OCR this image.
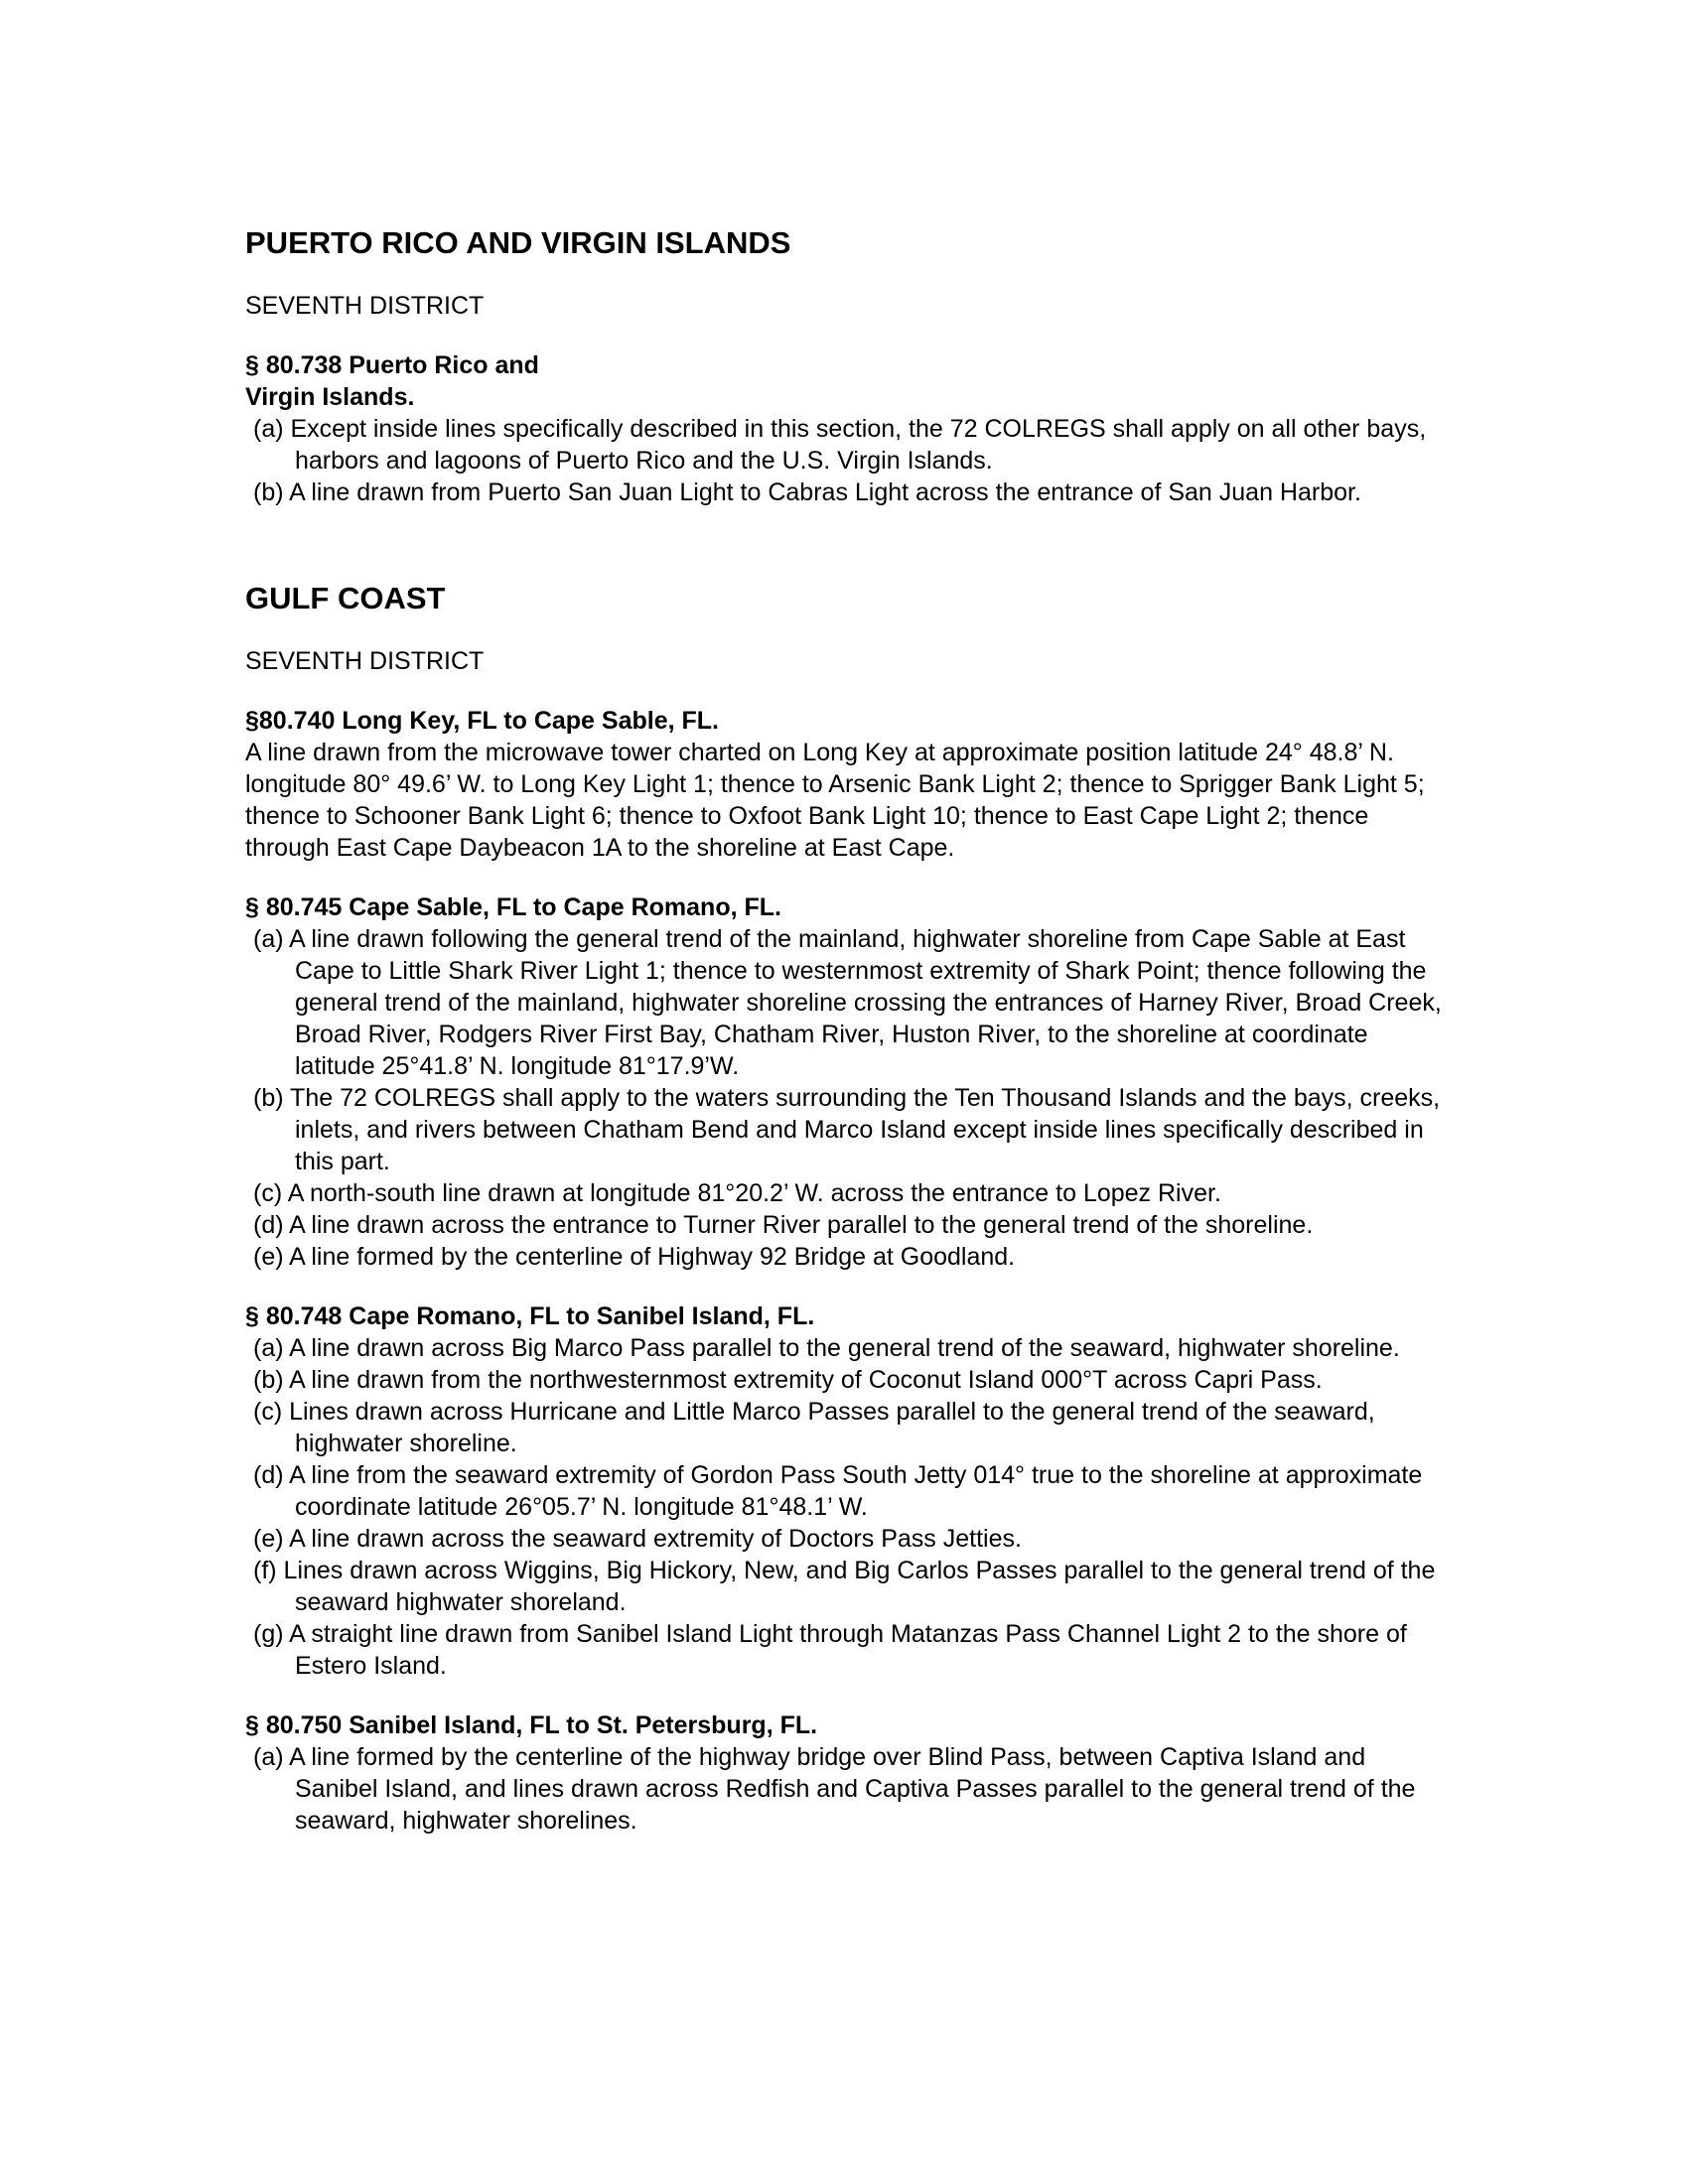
PUERTO RICO AND VIRGIN ISLANDS

SEVENTH DISTRICT

§ 80.738 Puerto Rico and

Virgin Islands.

(a) Except inside lines specifically described in this section, the 72 COLREGS shall apply on all other bays, harbors and lagoons of Puerto Rico and the U.S. Virgin Islands.

(b) A line drawn from Puerto San Juan Light to Cabras Light across the entrance of San Juan Harbor.

GULF COAST

SEVENTH DISTRICT

§80.740 Long Key, FL to Cape Sable, FL.

A line drawn from the microwave tower charted on Long Key at approximate position latitude 24° 48.8’ N. longitude 80° 49.6’ W. to Long Key Light 1; thence to Arsenic Bank Light 2; thence to Sprigger Bank Light 5; thence to Schooner Bank Light 6; thence to Oxfoot Bank Light 10; thence to East Cape Light 2; thence through East Cape Daybeacon 1A to the shoreline at East Cape.

§ 80.745 Cape Sable, FL to Cape Romano, FL.

(a) A line drawn following the general trend of the mainland, highwater shoreline from Cape Sable at East Cape to Little Shark River Light 1; thence to westernmost extremity of Shark Point; thence following the general trend of the mainland, highwater shoreline crossing the entrances of Harney River, Broad Creek, Broad River, Rodgers River First Bay, Chatham River, Huston River, to the shoreline at coordinate latitude 25°41.8’ N. longitude 81°17.9’W.

(b) The 72 COLREGS shall apply to the waters surrounding the Ten Thousand Islands and the bays, creeks, inlets, and rivers between Chatham Bend and Marco Island except inside lines specifically described in this part.

(c) A north-south line drawn at longitude 81°20.2’ W. across the entrance to Lopez River.

(d) A line drawn across the entrance to Turner River parallel to the general trend of the shoreline.

(e) A line formed by the centerline of Highway 92 Bridge at Goodland.

§ 80.748 Cape Romano, FL to Sanibel Island, FL.

(a) A line drawn across Big Marco Pass parallel to the general trend of the seaward, highwater shoreline.

(b) A line drawn from the northwesternmost extremity of Coconut Island 000°T across Capri Pass.

(c) Lines drawn across Hurricane and Little Marco Passes parallel to the general trend of the seaward, highwater shoreline.

(d) A line from the seaward extremity of Gordon Pass South Jetty 014° true to the shoreline at approximate coordinate latitude 26°05.7’ N. longitude 81°48.1’ W.

(e) A line drawn across the seaward extremity of Doctors Pass Jetties.

(f) Lines drawn across Wiggins, Big Hickory, New, and Big Carlos Passes parallel to the general trend of the seaward highwater shoreland.

(g) A straight line drawn from Sanibel Island Light through Matanzas Pass Channel Light 2 to the shore of Estero Island.

§ 80.750 Sanibel Island, FL to St. Petersburg, FL.

(a) A line formed by the centerline of the highway bridge over Blind Pass, between Captiva Island and Sanibel Island, and lines drawn across Redfish and Captiva Passes parallel to the general trend of the seaward, highwater shorelines.
